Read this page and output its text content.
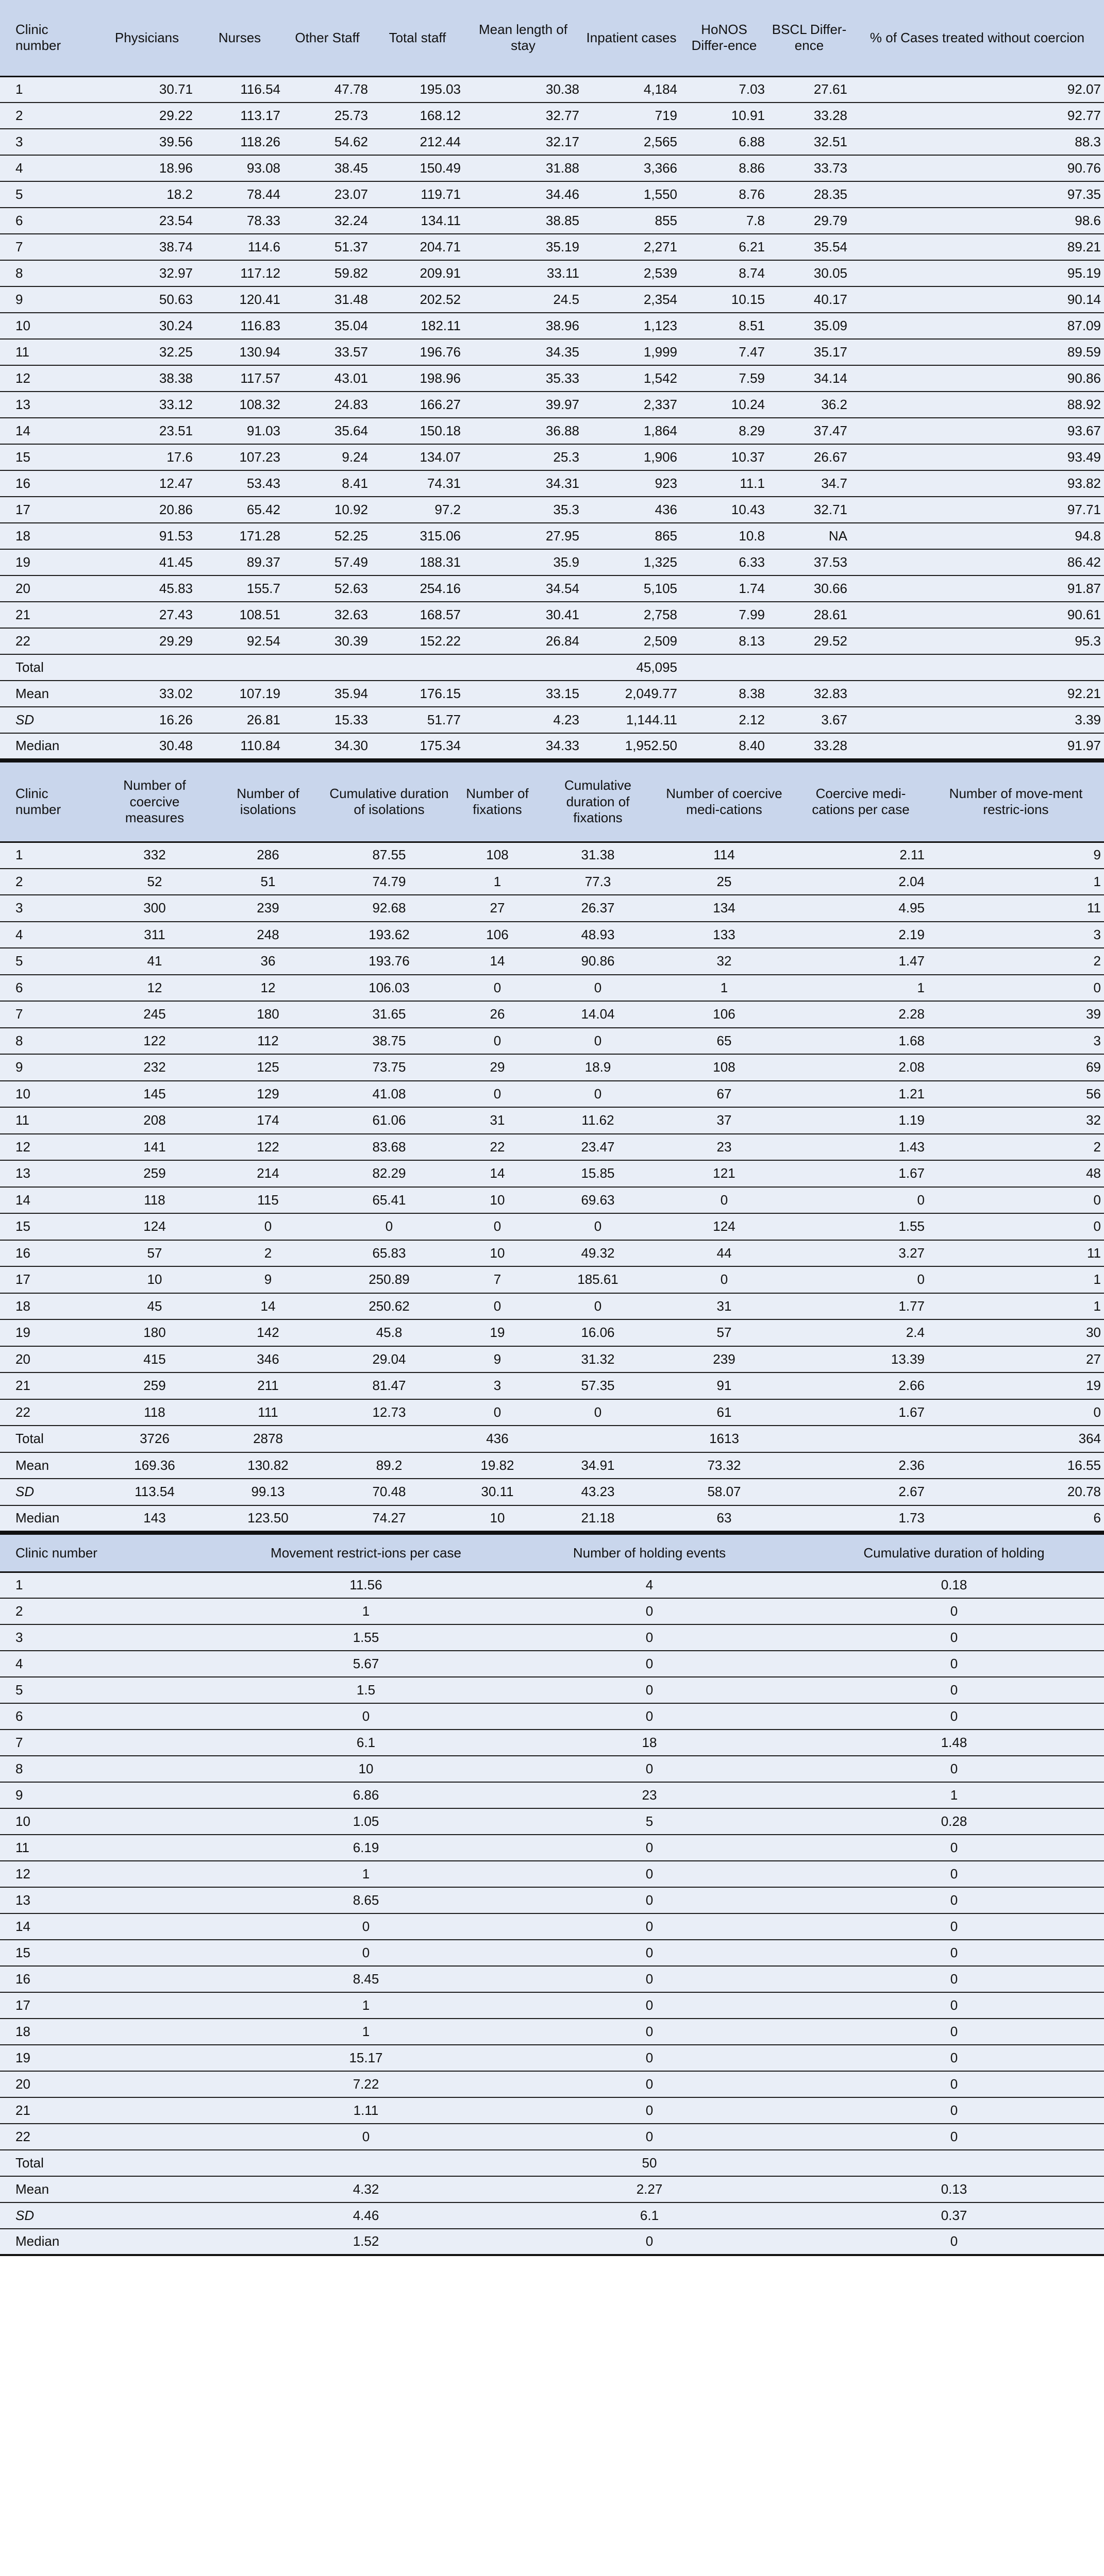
Clinic number	Physicians	Nurses	Other Staff	Total staff	Mean length of stay	Inpatient cases	HoNOS Differ-ence	BSCL Differ-ence	% of Cases treated without coercion
1	30.71	116.54	47.78	195.03	30.38	4,184	7.03	27.61	92.07
2	29.22	113.17	25.73	168.12	32.77	719	10.91	33.28	92.77
3	39.56	118.26	54.62	212.44	32.17	2,565	6.88	32.51	88.3
4	18.96	93.08	38.45	150.49	31.88	3,366	8.86	33.73	90.76
5	18.2	78.44	23.07	119.71	34.46	1,550	8.76	28.35	97.35
6	23.54	78.33	32.24	134.11	38.85	855	7.8	29.79	98.6
7	38.74	114.6	51.37	204.71	35.19	2,271	6.21	35.54	89.21
8	32.97	117.12	59.82	209.91	33.11	2,539	8.74	30.05	95.19
9	50.63	120.41	31.48	202.52	24.5	2,354	10.15	40.17	90.14
10	30.24	116.83	35.04	182.11	38.96	1,123	8.51	35.09	87.09
11	32.25	130.94	33.57	196.76	34.35	1,999	7.47	35.17	89.59
12	38.38	117.57	43.01	198.96	35.33	1,542	7.59	34.14	90.86
13	33.12	108.32	24.83	166.27	39.97	2,337	10.24	36.2	88.92
14	23.51	91.03	35.64	150.18	36.88	1,864	8.29	37.47	93.67
15	17.6	107.23	9.24	134.07	25.3	1,906	10.37	26.67	93.49
16	12.47	53.43	8.41	74.31	34.31	923	11.1	34.7	93.82
17	20.86	65.42	10.92	97.2	35.3	436	10.43	32.71	97.71
18	91.53	171.28	52.25	315.06	27.95	865	10.8	NA	94.8
19	41.45	89.37	57.49	188.31	35.9	1,325	6.33	37.53	86.42
20	45.83	155.7	52.63	254.16	34.54	5,105	1.74	30.66	91.87
21	27.43	108.51	32.63	168.57	30.41	2,758	7.99	28.61	90.61
22	29.29	92.54	30.39	152.22	26.84	2,509	8.13	29.52	95.3
Total						45,095			
Mean	33.02	107.19	35.94	176.15	33.15	2,049.77	8.38	32.83	92.21
SD	16.26	26.81	15.33	51.77	4.23	1,144.11	2.12	3.67	3.39
Median	30.48	110.84	34.30	175.34	34.33	1,952.50	8.40	33.28	91.97
Clinic number	Number of coercive measures	Number of isolations	Cumulative duration of isolations	Number of fixations	Cumulative duration of fixations	Number of coercive medi-cations	Coercive medi-cations per case	Number of move-ment restric-ions
1	332	286	87.55	108	31.38	114	2.11	9
2	52	51	74.79	1	77.3	25	2.04	1
3	300	239	92.68	27	26.37	134	4.95	11
4	311	248	193.62	106	48.93	133	2.19	3
5	41	36	193.76	14	90.86	32	1.47	2
6	12	12	106.03	0	0	1	1	0
7	245	180	31.65	26	14.04	106	2.28	39
8	122	112	38.75	0	0	65	1.68	3
9	232	125	73.75	29	18.9	108	2.08	69
10	145	129	41.08	0	0	67	1.21	56
11	208	174	61.06	31	11.62	37	1.19	32
12	141	122	83.68	22	23.47	23	1.43	2
13	259	214	82.29	14	15.85	121	1.67	48
14	118	115	65.41	10	69.63	0	0	0
15	124	0	0	0	0	124	1.55	0
16	57	2	65.83	10	49.32	44	3.27	11
17	10	9	250.89	7	185.61	0	0	1
18	45	14	250.62	0	0	31	1.77	1
19	180	142	45.8	19	16.06	57	2.4	30
20	415	346	29.04	9	31.32	239	13.39	27
21	259	211	81.47	3	57.35	91	2.66	19
22	118	111	12.73	0	0	61	1.67	0
Total	3726	2878		436		1613		364
Mean	169.36	130.82	89.2	19.82	34.91	73.32	2.36	16.55
SD	113.54	99.13	70.48	30.11	43.23	58.07	2.67	20.78
Median	143	123.50	74.27	10	21.18	63	1.73	6
Clinic number	Movement restrict-ions per case	Number of holding events	Cumulative duration of holding
1	11.56	4	0.18
2	1	0	0
3	1.55	0	0
4	5.67	0	0
5	1.5	0	0
6	0	0	0
7	6.1	18	1.48
8	10	0	0
9	6.86	23	1
10	1.05	5	0.28
11	6.19	0	0
12	1	0	0
13	8.65	0	0
14	0	0	0
15	0	0	0
16	8.45	0	0
17	1	0	0
18	1	0	0
19	15.17	0	0
20	7.22	0	0
21	1.11	0	0
22	0	0	0
Total		50	
Mean	4.32	2.27	0.13
SD	4.46	6.1	0.37
Median	1.52	0	0
